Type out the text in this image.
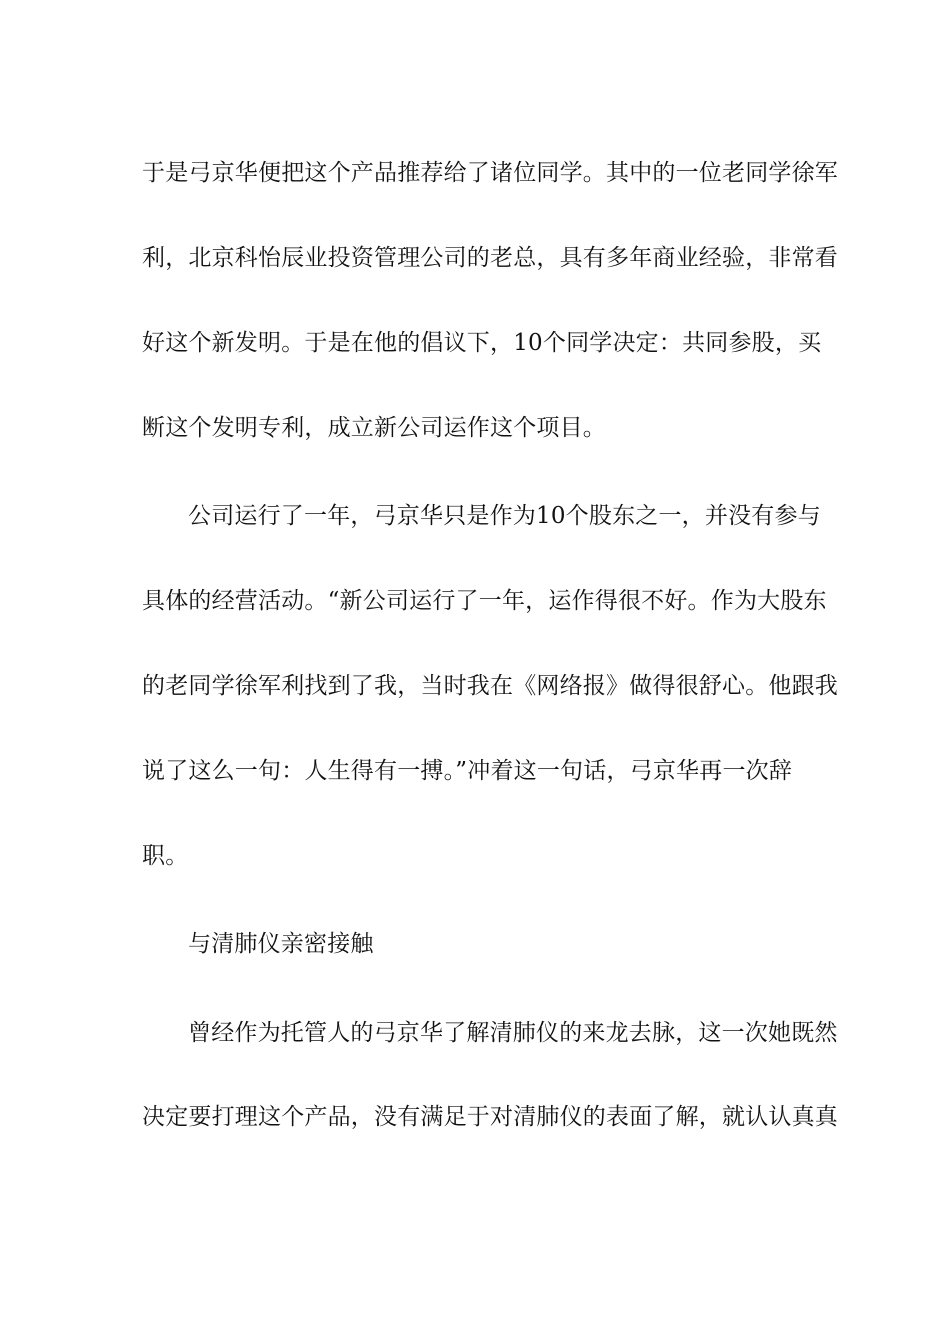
于是弓京华便把这个产品推荐给了诸位同学。其中的一位老同学徐军
利，北京科怡辰业投资管理公司的老总，具有多年商业经验，非常看
好这个新发明。于是在他的倡议下，10个同学决定：共同参股，买
断这个发明专利，成立新公司运作这个项目。
公司运行了一年，弓京华只是作为10个股东之一，并没有参与
具体的经营活动。“新公司运行了一年，运作得很不好。作为大股东
的老同学徐军利找到了我，当时我在《网络报》做得很舒心。他跟我
说了这么一句：人生得有一搏。”冲着这一句话，弓京华再一次辞
职。
与清肺仪亲密接触
曾经作为托管人的弓京华了解清肺仪的来龙去脉，这一次她既然
决定要打理这个产品，没有满足于对清肺仪的表面了解，就认认真真
